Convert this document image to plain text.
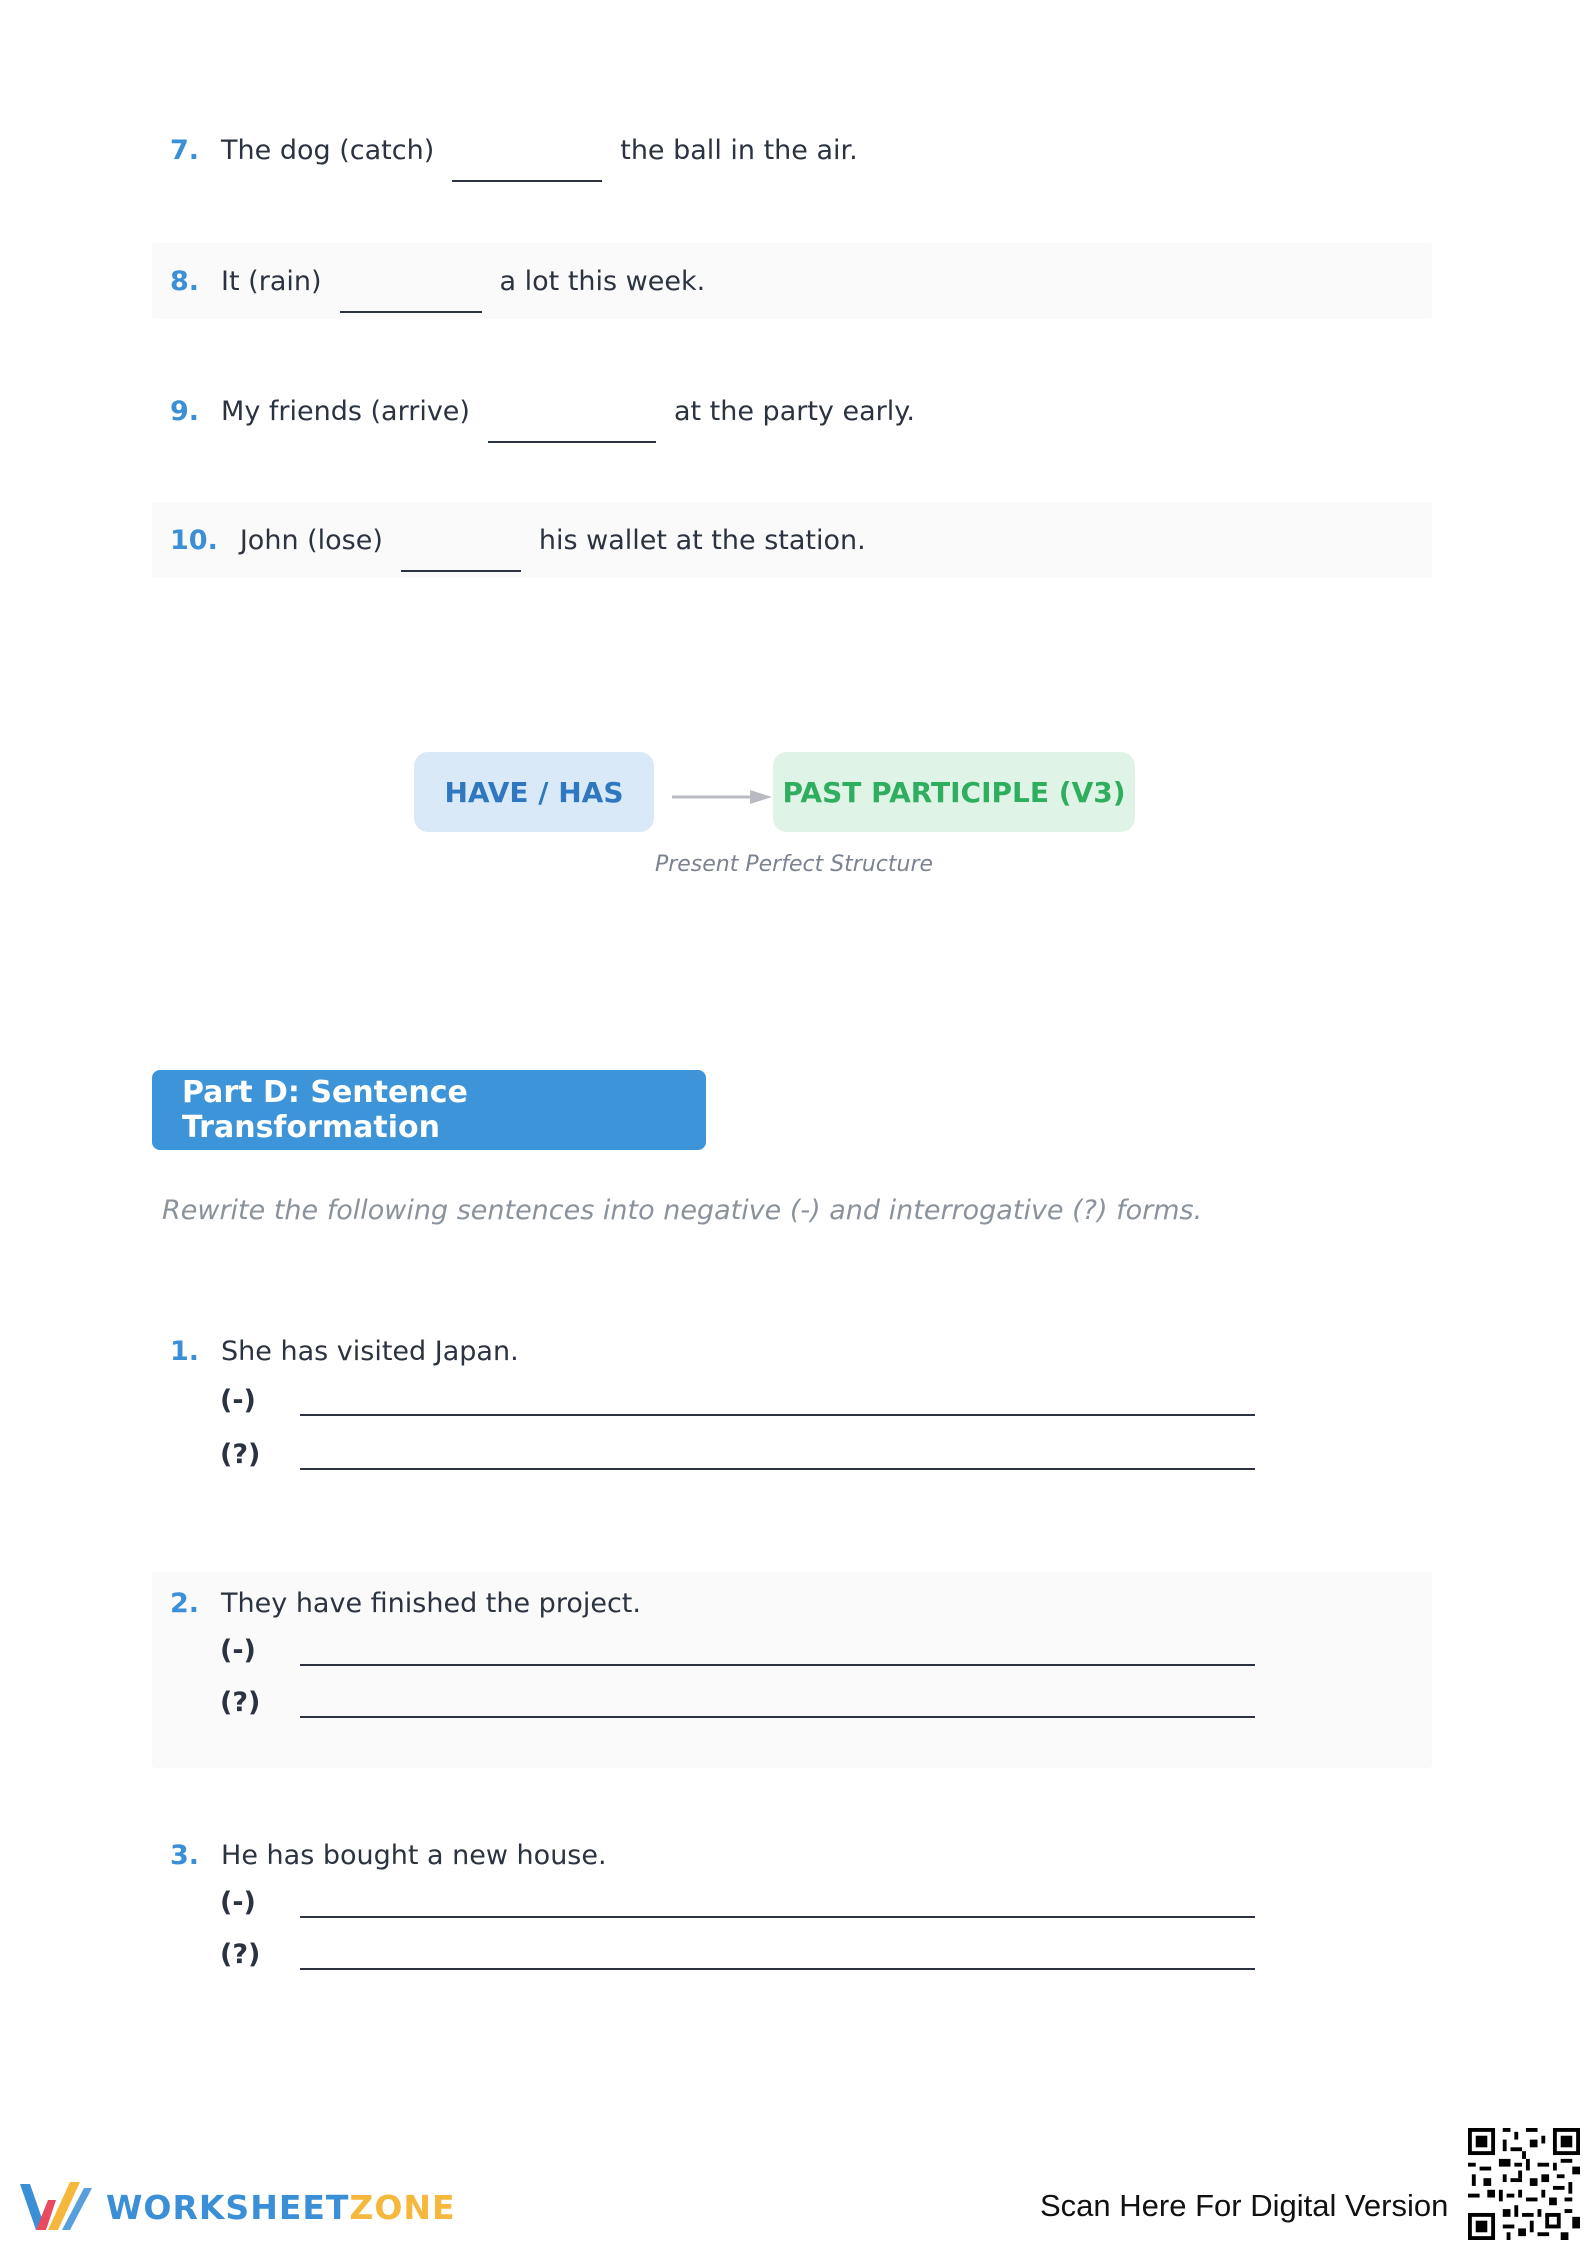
7. The dog (catch)	the ball in the air.
8. It (rain)	a lot this week.
9. My friends (arrive)	at the party early.
10. John (lose)	his wallet at the station.
HAVE / HAS	PAST PARTICIPLE (V3)
Present Perfect Structure
Part D: Sentence Transformation
Rewrite the following sentences into negative (-) and interrogative (?) forms.
1. She has visited Japan.
(-)
(?)
2. They have finished the project.
(-)
(?)
3. He has bought a new house.
(-)
(?)
WORKSHEETZONE	Scan Here For Digital Version
